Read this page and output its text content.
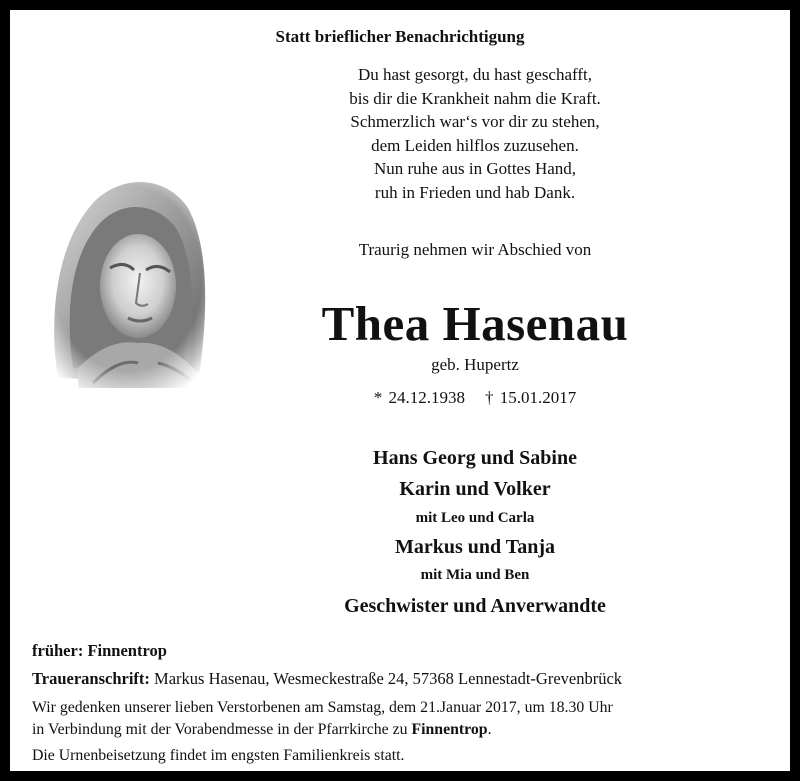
Statt brieflicher Benachrichtigung
Du hast gesorgt, du hast geschafft,
bis dir die Krankheit nahm die Kraft.
Schmerzlich war‘s vor dir zu stehen,
dem Leiden hilflos zuzusehen.
Nun ruhe aus in Gottes Hand,
ruh in Frieden und hab Dank.
Traurig nehmen wir Abschied von
Thea Hasenau
geb. Hupertz
* 24.12.1938 † 15.01.2017
Hans Georg und Sabine
Karin und Volker
mit Leo und Carla
Markus und Tanja
mit Mia und Ben
Geschwister und Anverwandte
früher: Finnentrop
Traueranschrift: Markus Hasenau, Wesmeckestraße 24, 57368 Lennestadt-Grevenbrück
Wir gedenken unserer lieben Verstorbenen am Samstag, dem 21.Januar 2017, um 18.30 Uhr
in Verbindung mit der Vorabendmesse in der Pfarrkirche zu Finnentrop.
Die Urnenbeisetzung findet im engsten Familienkreis statt.
